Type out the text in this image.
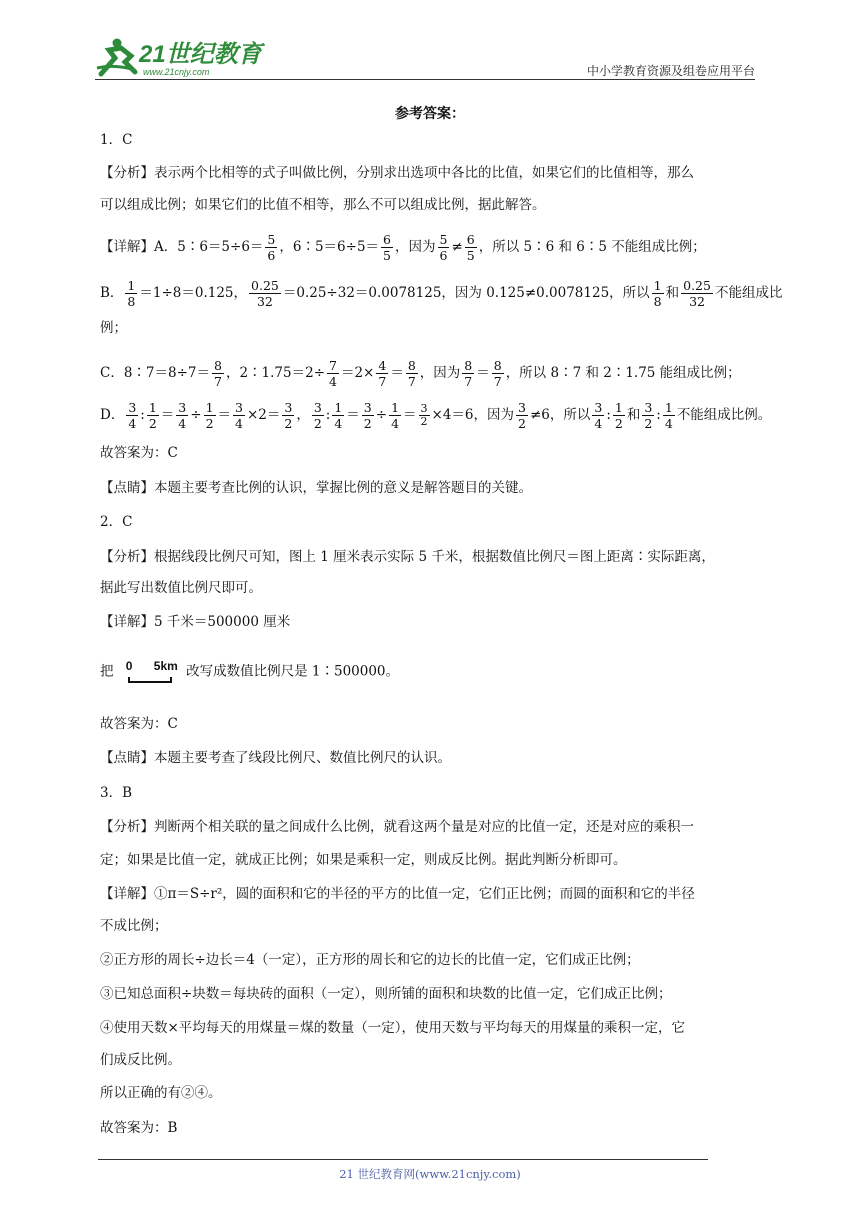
21世纪教育
www.21cnjy.com	中小学教育资源及组卷应用平台
参考答案：
1．C
【分析】表示两个比相等的式子叫做比例，分别求出选项中各比的比值，如果它们的比值相等，那么
可以组成比例；如果它们的比值不相等，那么不可以组成比例，据此解答。
【详解】A．5∶6＝5÷6＝ $\frac{5}{6}$ ，6∶5＝6÷5＝ $\frac{6}{5}$ ，因为 $\frac{5}{6} \ne \frac{6}{5}$ ，所以 5∶6 和 6∶5 不能组成比例；
B． $\frac{1}{8} =1\div 8=0.125$， $\frac{0.25}{32} =0.25\div 32=0.0078125$，因为 0.125≠0.0078125，所以 $\frac{1}{8}$ 和 $\frac{0.25}{32}$ 不能组成比
例；
C．8∶7＝8÷7＝ $\frac{8}{7}$ ，2∶1.75＝2÷ $\frac{7}{4} =2\times \frac{4}{7} = \frac{8}{7}$ ，因为 $\frac{8}{7} = \frac{8}{7}$ ，所以 8∶7 和 2∶1.75 能组成比例；
D． $\frac{3}{4}$ : $\frac{1}{2} = \frac{3}{4} \div \frac{1}{2} = \frac{3}{4} \times 2= \frac{3}{2}$ ， $\frac{3}{2}$ : $\frac{1}{4} = \frac{3}{2} \div \frac{1}{4} = \frac{3}{2} \times 4=6$，因为 $\frac{3}{2} \ne 6$，所以 $\frac{3}{4}$ : $\frac{1}{2}$ 和 $\frac{3}{2}$ : $\frac{1}{4}$ 不能组成比例。
故答案为：C
【点睛】本题主要考查比例的认识，掌握比例的意义是解答题目的关键。
2．C
【分析】根据线段比例尺可知，图上 1 厘米表示实际 5 千米，根据数值比例尺＝图上距离∶实际距离，
据此写出数值比例尺即可。
【详解】5 千米＝500000 厘米
把 0 5km 改写成数值比例尺是 1∶500000。
故答案为：C
【点睛】本题主要考查了线段比例尺、数值比例尺的认识。
3．B
【分析】判断两个相关联的量之间成什么比例，就看这两个量是对应的比值一定，还是对应的乘积一
定；如果是比值一定，就成正比例；如果是乘积一定，则成反比例。据此判断分析即可。
【详解】①π＝S÷r²，圆的面积和它的半径的平方的比值一定，它们正比例；而圆的面积和它的半径
不成比例；
②正方形的周长÷边长＝4（一定），正方形的周长和它的边长的比值一定，它们成正比例；
③已知总面积÷块数＝每块砖的面积（一定），则所铺的面积和块数的比值一定，它们成正比例；
④使用天数×平均每天的用煤量＝煤的数量（一定），使用天数与平均每天的用煤量的乘积一定，它
们成反比例。
所以正确的有②④。
故答案为：B
21 世纪教育网(www.21cnjy.com)
